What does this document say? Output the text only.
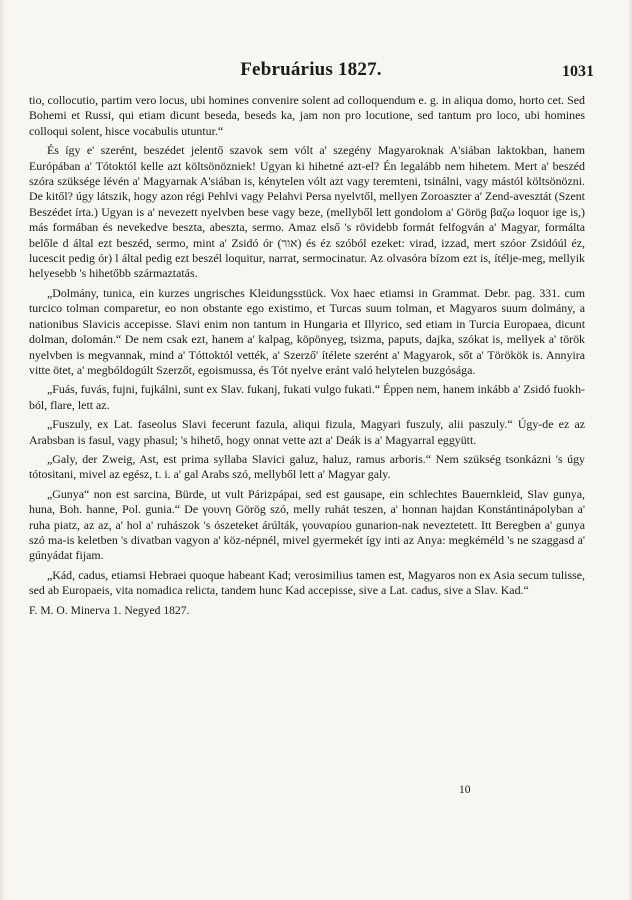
Februárius 1827.	1031

tio, collocutio, partim vero locus, ubi homines convenire solent ad colloquendum e. g. in aliqua domo, horto cet. Sed Bohemi et Russi, qui etiam dicunt beseda, beseds ka, jam non pro locutione, sed tantum pro loco, ubi homines colloqui solent, hisce vocabulis utuntur.“

És így e' szerént, beszédet jelentő szavok sem vólt a' szegény Magyaroknak A'siában laktokban, hanem Európában a' Tótoktól kelle azt költsönözniek! Ugyan ki hihetné azt-el? Én legalább nem hihetem. Mert a' beszéd szóra szüksége lévén a' Magyarnak A'siában is, kénytelen vólt azt vagy teremteni, tsinálni, vagy mástól költsönözni. De kitől? úgy látszik, hogy azon régi Pehlvi vagy Pelahvi Persa nyelvtől, mellyen Zoroaszter a' Zend-avesztát (Szent Beszédet írta.) Ugyan is a' nevezett nyelvben bese vagy beze, (mellyből lett gondolom a' Görög βαζω loquor ige is,) más formában és nevekedve beszta, abeszta, sermo. Amaz első 's rövidebb formát felfogván a' Magyar, formálta belőle d által ezt beszéd, sermo, mint a' Zsidó ór (אור) és éz szóból ezeket: virad, izzad, mert szóor Zsidóúl éz, lucescit pedig ór) l által pedig ezt beszél loquitur, narrat, sermocinatur. Az olvasóra bízom ezt is, ítélje-meg, mellyik helyesebb 's hihetőbb származtatás.

„Dolmány, tunica, ein kurzes ungrisches Kleidungsstück. Vox haec etiamsi in Grammat. Debr. pag. 331. cum turcico tolman comparetur, eo non obstante ego existimo, et Turcas suum tolman, et Magyaros suum dolmány, a nationibus Slavicis accepisse. Slavi enim non tantum in Hungaria et Illyrico, sed etiam in Turcia Europaea, dicunt dolman, dolomán.“ De nem csak ezt, hanem a' kalpag, köpönyeg, tsizma, paputs, dajka, szókat is, mellyek a' török nyelvben is megvannak, mind a' Tóttoktól vették, a' Szerző' ítélete szerént a' Magyarok, sőt a' Törökök is. Annyira vitte ötet, a' megbóldogúlt Szerzőt, egoismussa, és Tót nyelve eránt való helytelen buzgósága.

„Fuás, fuvás, fujni, fujkálni, sunt ex Slav. fukanj, fukati vulgo fukati.“ Éppen nem, hanem inkább a' Zsidó fuokh-ból, flare, lett az.

„Fuszuly, ex Lat. faseolus Slavi fecerunt fazula, aliqui fizula, Magyari fuszuly, alii paszuly.“ Úgy-de ez az Arabsban is fasul, vagy phasul; 's hihető, hogy onnat vette azt a' Deák is a' Magyarral eggyütt.

„Galy, der Zweig, Ast, est prima syllaba Slavici galuz, haluz, ramus arboris.“ Nem szükség tsonkázni 's úgy tótositani, mivel az egész, t. i. a' gal Arabs szó, mellyből lett a' Magyar galy.

„Gunya“ non est sarcina, Bürde, ut vult Párizpápai, sed est gausape, ein schlechtes Bauernkleid, Slav gunya, huna, Boh. hanne, Pol. gunia.“ De γουνη Görög szó, melly ruhát teszen, a' honnan hajdan Konstántinápolyban a' ruha piatz, az az, a' hol a' ruhászok 's ószeteket árúlták, γουναρίου gunarion-nak neveztetett. Itt Beregben a' gunya szó ma-is keletben 's divatban vagyon a' köz-népnél, mivel gyermekét így inti az Anya: megkéméld 's ne szaggasd a' gúnyádat fijam.

„Kád, cadus, etiamsi Hebraei quoque habeant Kad; verosimilius tamen est, Magyaros non ex Asia secum tulisse, sed ab Europaeis, vita nomadica relicta, tandem hunc Kad accepisse, sive a Lat. cadus, sive a Slav. Kad.“

F. M. O. Minerva 1. Negyed 1827.
10
